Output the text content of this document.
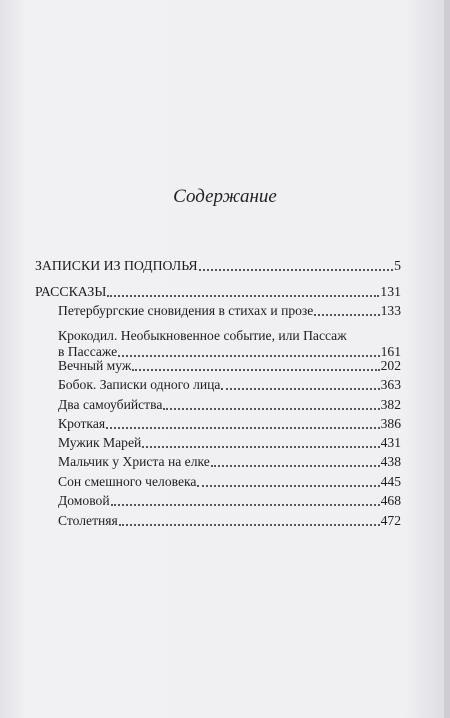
Содержание
ЗАПИСКИ ИЗ ПОДПОЛЬЯ	5
РАССКАЗЫ	131
Петербургские сновидения в стихах и прозе	133
Крокодил. Необыкновенное событие, или Пассаж
в Пассаже	161
Вечный муж	202
Бобок. Записки одного лица	363
Два самоубийства	382
Кроткая	386
Мужик Марей	431
Мальчик у Христа на елке	438
Сон смешного человека	445
Домовой	468
Столетняя	472
